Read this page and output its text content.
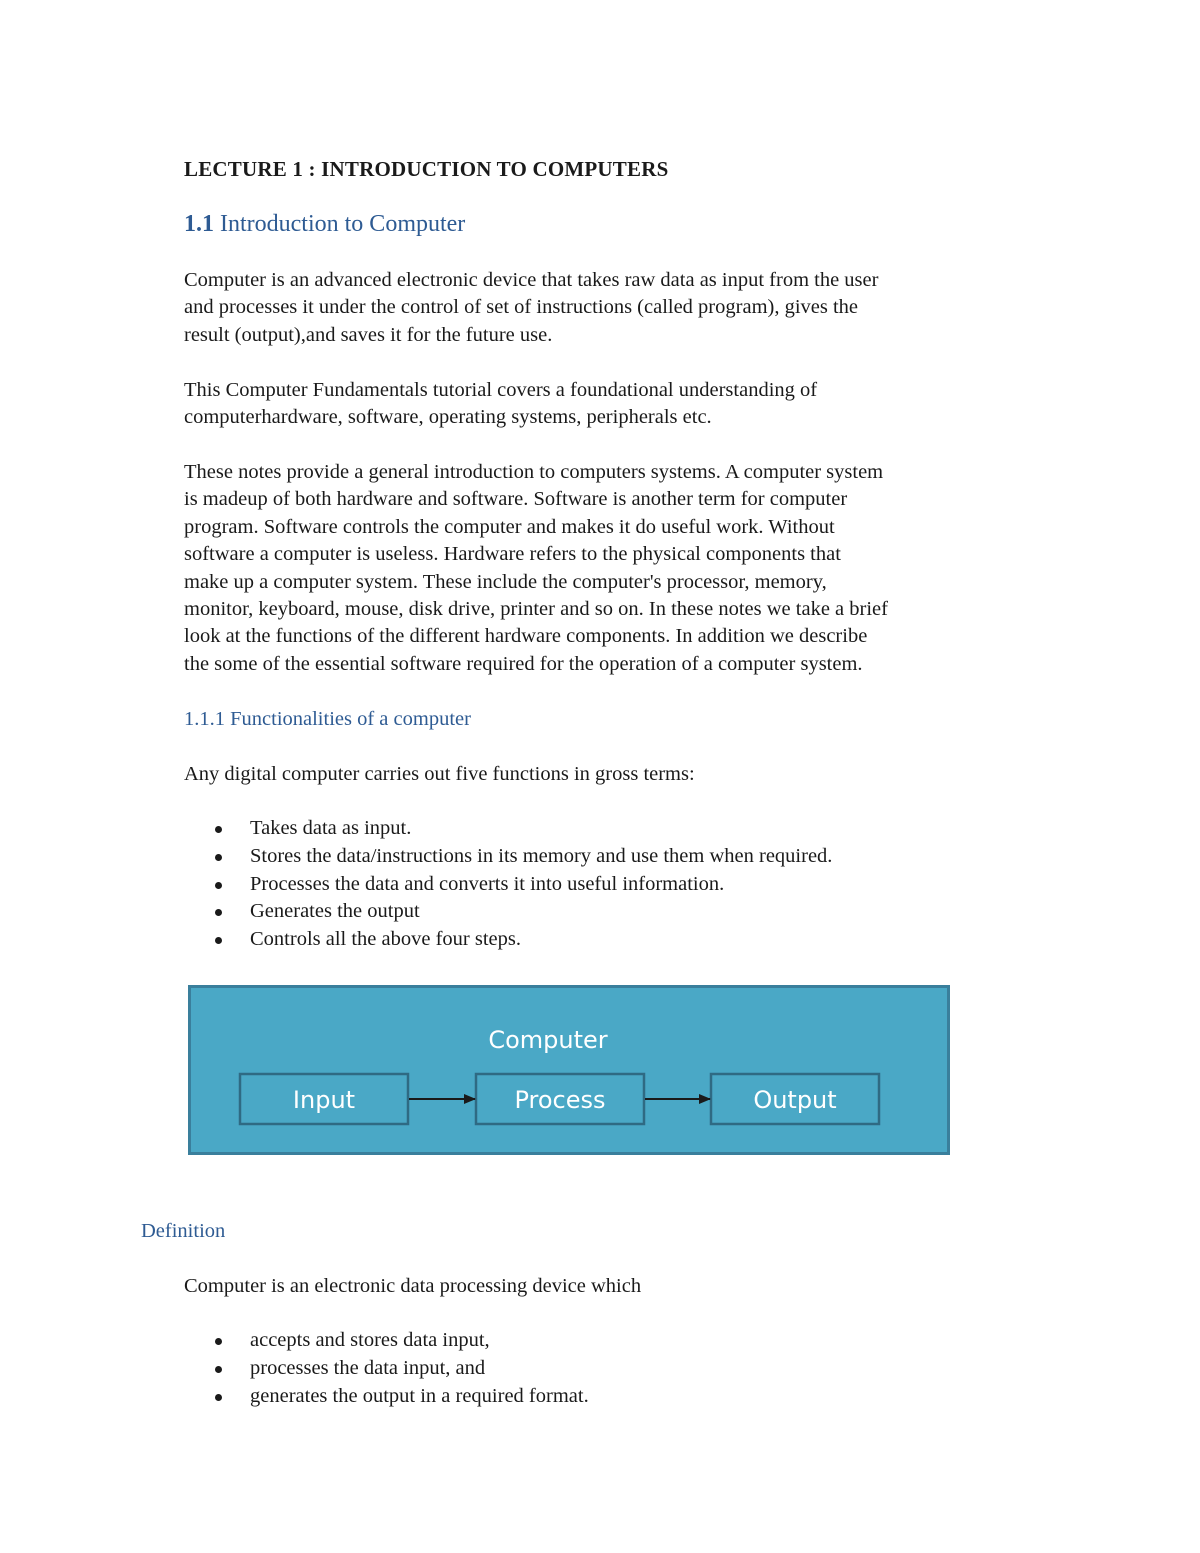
LECTURE 1 : INTRODUCTION TO COMPUTERS
1.1 Introduction to Computer

Computer is an advanced electronic device that takes raw data as input from the user
and processes it under the control of set of instructions (called program), gives the
result (output),and saves it for the future use.

This Computer Fundamentals tutorial covers a foundational understanding of
computerhardware, software, operating systems, peripherals etc.

These notes provide a general introduction to computers systems. A computer system
is madeup of both hardware and software. Software is another term for computer
program. Software controls the computer and makes it do useful work. Without
software a computer is useless. Hardware refers to the physical components that
make up a computer system. These include the computer's processor, memory,
monitor, keyboard, mouse, disk drive, printer and so on. In these notes we take a brief
look at the functions of the different hardware components. In addition we describe
the some of the essential software required for the operation of a computer system.

1.1.1 Functionalities of a computer

Any digital computer carries out five functions in gross terms:

Takes data as input.
Stores the data/instructions in its memory and use them when required.
Processes the data and converts it into useful information.
Generates the output
Controls all the above four steps.
Computer
Input	Process	Output
Definition

Computer is an electronic data processing device which

accepts and stores data input,
processes the data input, and
generates the output in a required format.
